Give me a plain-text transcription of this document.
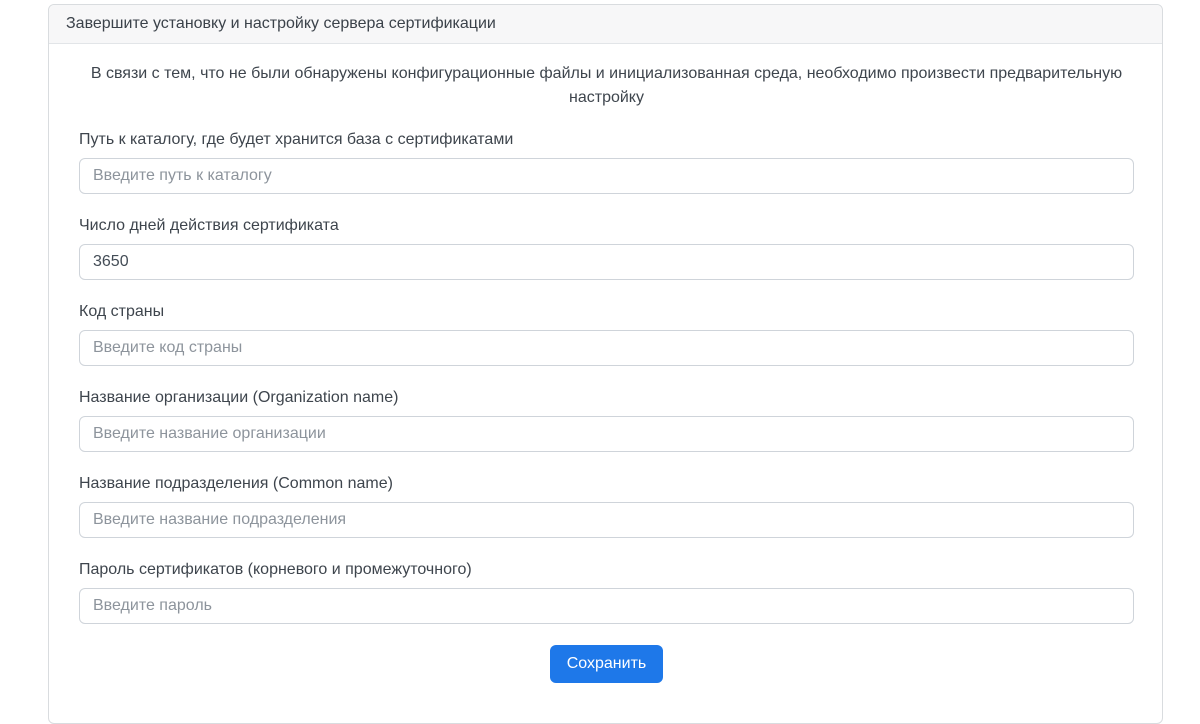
Завершите установку и настройку сервера сертификации
В связи с тем, что не были обнаружены конфигурационные файлы и инициализованная среда, необходимо произвести предварительную настройку
Путь к каталогу, где будет хранится база с сертификатами
Введите путь к каталогу
Число дней действия сертификата
3650
Код страны
Введите код страны
Название организации (Organization name)
Введите название организации
Название подразделения (Common name)
Введите название подразделения
Пароль сертификатов (корневого и промежуточного)
Введите пароль
Сохранить
